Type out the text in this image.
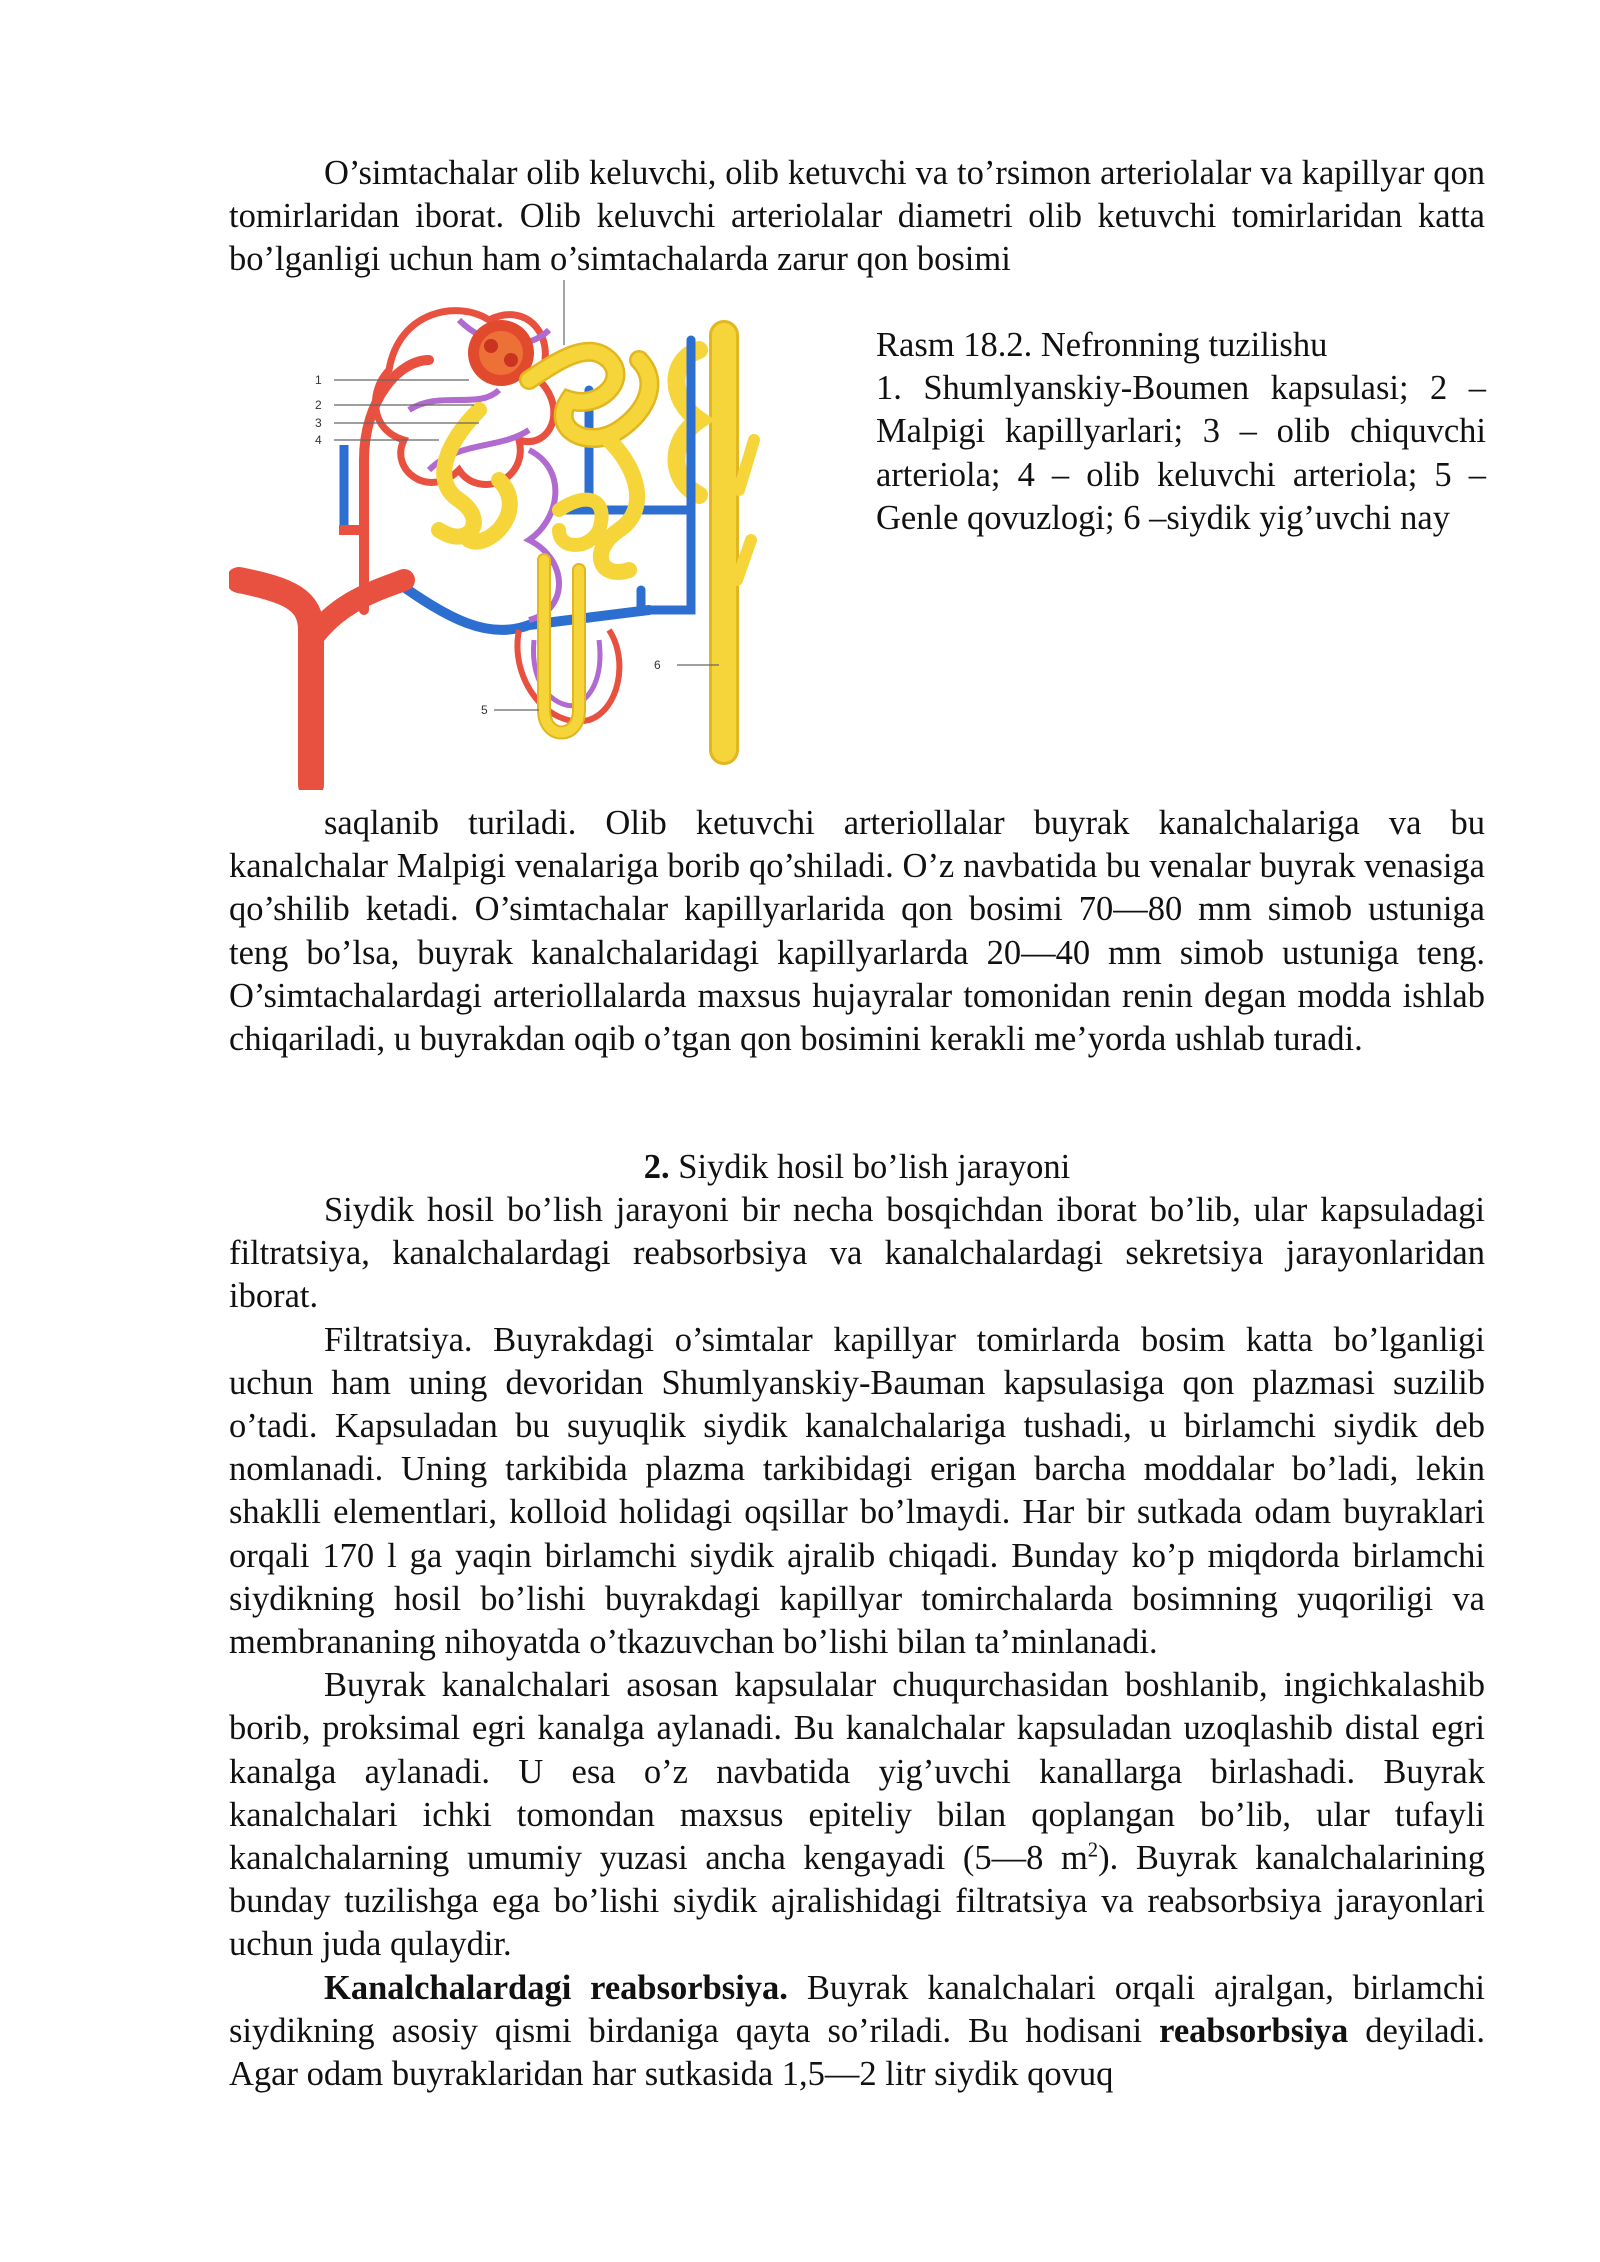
O’simtachalar olib keluvchi, olib ketuvchi va to’rsimon arteriolalar va kapillyar qon tomirlaridan iborat. Olib keluvchi arteriolalar diametri olib ketuvchi tomirlaridan katta bo’lganligi uchun ham o’simtachalarda zarur qon bosimi

1
2
3
4
5
6
Rasm 18.2. Nefronning tuzilishu
1. Shumlyanskiy-Boumen kapsulasi; 2 – Malpigi kapillyarlari; 3 – olib chiquvchi arteriola; 4 – olib keluvchi arteriola; 5 – Genle qovuzlogi; 6 –siydik yig’uvchi nay

saqlanib turiladi. Olib ketuvchi arteriollalar buyrak kanalchalariga va bu kanalchalar Malpigi venalariga borib qo’shiladi. O’z navbatida bu venalar buyrak venasiga qo’shilib ketadi. O’simtachalar kapillyarlarida qon bosimi 70—80 mm simob ustuniga teng bo’lsa, buyrak kanalchalaridagi kapillyarlarda 20—40 mm simob ustuniga teng. O’simtachalardagi arteriollalarda maxsus hujayralar tomonidan renin degan modda ishlab chiqariladi, u buyrakdan oqib o’tgan qon bosimini kerakli me’yorda ushlab turadi.

2. Siydik hosil bo’lish jarayoni

Siydik hosil bo’lish jarayoni bir necha bosqichdan iborat bo’lib, ular kapsuladagi filtratsiya, kanalchalardagi reabsorbsiya va kanalchalardagi sekretsiya jarayonlaridan iborat.

Filtratsiya. Buyrakdagi o’simtalar kapillyar tomirlarda bosim katta bo’lganligi uchun ham uning devoridan Shumlyanskiy-Bauman kapsulasiga qon plazmasi suzilib o’tadi. Kapsuladan bu suyuqlik siydik kanalchalariga tushadi, u birlamchi siydik deb nomlanadi. Uning tarkibida plazma tarkibidagi erigan barcha moddalar bo’ladi, lekin shaklli elementlari, kolloid holidagi oqsillar bo’lmaydi. Har bir sutkada odam buyraklari orqali 170 l ga yaqin birlamchi siydik ajralib chiqadi. Bunday ko’p miqdorda birlamchi siydikning hosil bo’lishi buyrakdagi kapillyar tomirchalarda bosimning yuqoriligi va membrananing nihoyatda o’tkazuvchan bo’lishi bilan ta’minlanadi.

Buyrak kanalchalari asosan kapsulalar chuqurchasidan boshlanib, ingichkalashib borib, proksimal egri kanalga aylanadi. Bu kanalchalar kapsuladan uzoqlashib distal egri kanalga aylanadi. U esa o’z navbatida yig’uvchi kanallarga birlashadi. Buyrak kanalchalari ichki tomondan maxsus epiteliy bilan qoplangan bo’lib, ular tufayli kanalchalarning umumiy yuzasi ancha kengayadi (5—8 $m^2$). Buyrak kanalchalarining bunday tuzilishga ega bo’lishi siydik ajralishidagi filtratsiya va reabsorbsiya jarayonlari uchun juda qulaydir.

Kanalchalardagi reabsorbsiya. Buyrak kanalchalari orqali ajralgan, birlamchi siydikning asosiy qismi birdaniga qayta so’riladi. Bu hodisani reabsorbsiya deyiladi. Agar odam buyraklaridan har sutkasida 1,5—2 litr siydik qovuq
